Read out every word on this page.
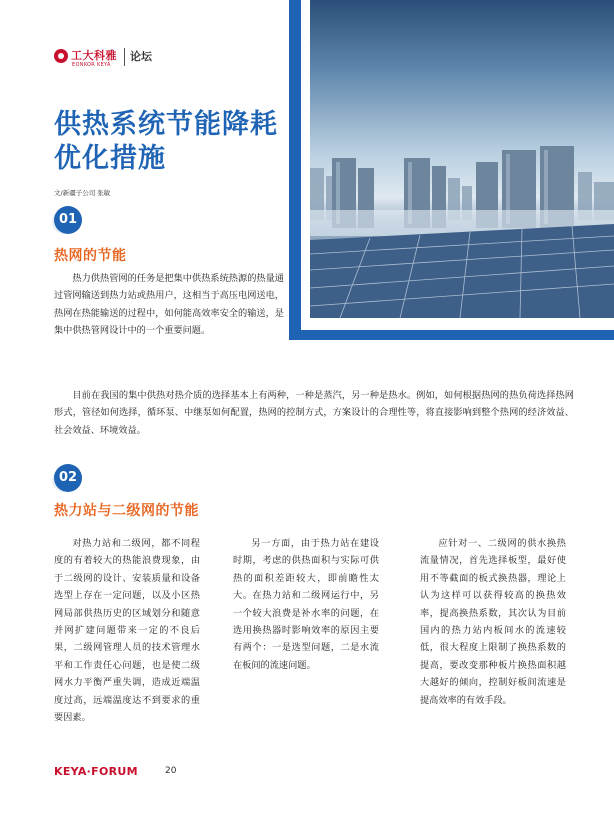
工大科雅
EONKOR KEYA
论坛
供热系统节能降耗
优化措施
文/新疆子公司 张敏
01
热网的节能

热力供热管网的任务是把集中供热系统热源的热量通过管网输送到热力站或热用户，这相当于高压电网送电，热网在热能输送的过程中，如何能高效率安全的输送，是集中供热管网设计中的一个重要问题。

目前在我国的集中供热对热介质的选择基本上有两种，一种是蒸汽，另一种是热水。例如，如何根据热网的热负荷选择热网形式，管径如何选择，循环泵、中继泵如何配置，热网的控制方式，方案设计的合理性等，将直接影响到整个热网的经济效益、社会效益、环境效益。

02
热力站与二级网的节能

对热力站和二级网，都不同程度的有着较大的热能浪费现象，由于二级网的设计、安装质量和设备选型上存在一定问题，以及小区热网局部供热历史的区域划分和随意并网扩建问题带来一定的不良后果，二级网管理人员的技术管理水平和工作责任心问题，也是使二级网水力平衡严重失调，造成近端温度过高，远端温度达不到要求的重要因素。

另一方面，由于热力站在建设时期，考虑的供热面积与实际可供热的面积差距较大，即前瞻性太大。在热力站和二级网运行中，另一个较大浪费是补水率的问题，在选用换热器时影响效率的原因主要有两个：一是选型问题，二是水流在板间的流速问题。

应针对一、二级网的供水换热流量情况，首先选择板型，最好使用不等截面的板式换热器，理论上认为这样可以获得较高的换热效率，提高换热系数，其次认为目前国内的热力站内板间水的流速较低，很大程度上限制了换热系数的提高，要改变那种板片换热面积越大越好的倾向，控制好板间流速是提高效率的有效手段。

KEYA·FORUM	20
